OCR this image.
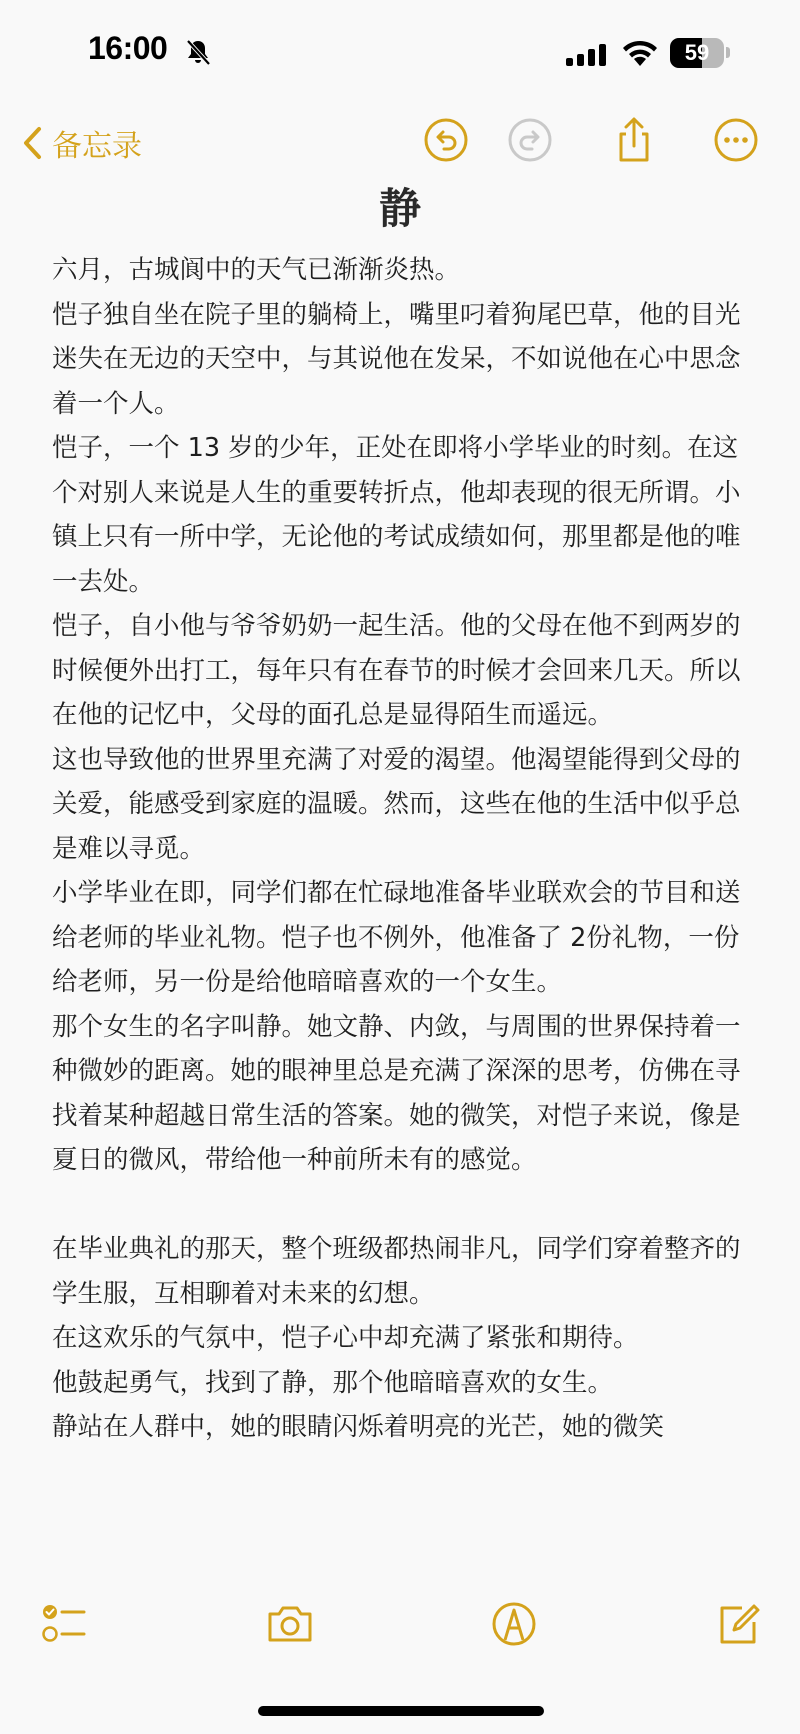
16:00	59
备忘录
静

六月，古城阆中的天气已渐渐炎热。

恺子独自坐在院子里的躺椅上，嘴里叼着狗尾巴草，他的目光迷失在无边的天空中，与其说他在发呆，不如说他在心中思念着一个人。

恺子，一个 13 岁的少年，正处在即将小学毕业的时刻。在这个对别人来说是人生的重要转折点，他却表现的很无所谓。小镇上只有一所中学，无论他的考试成绩如何，那里都是他的唯一去处。

恺子，自小他与爷爷奶奶一起生活。他的父母在他不到两岁的时候便外出打工，每年只有在春节的时候才会回来几天。所以在他的记忆中，父母的面孔总是显得陌生而遥远。

这也导致他的世界里充满了对爱的渴望。他渴望能得到父母的关爱，能感受到家庭的温暖。然而，这些在他的生活中似乎总是难以寻觅。

小学毕业在即，同学们都在忙碌地准备毕业联欢会的节目和送给老师的毕业礼物。恺子也不例外，他准备了 2份礼物，一份给老师，另一份是给他暗暗喜欢的一个女生。

那个女生的名字叫静。她文静、内敛，与周围的世界保持着一种微妙的距离。她的眼神里总是充满了深深的思考，仿佛在寻找着某种超越日常生活的答案。她的微笑，对恺子来说，像是夏日的微风，带给他一种前所未有的感觉。

在毕业典礼的那天，整个班级都热闹非凡，同学们穿着整齐的学生服，互相聊着对未来的幻想。

在这欢乐的气氛中，恺子心中却充满了紧张和期待。

他鼓起勇气，找到了静，那个他暗暗喜欢的女生。

静站在人群中，她的眼睛闪烁着明亮的光芒，她的微笑
